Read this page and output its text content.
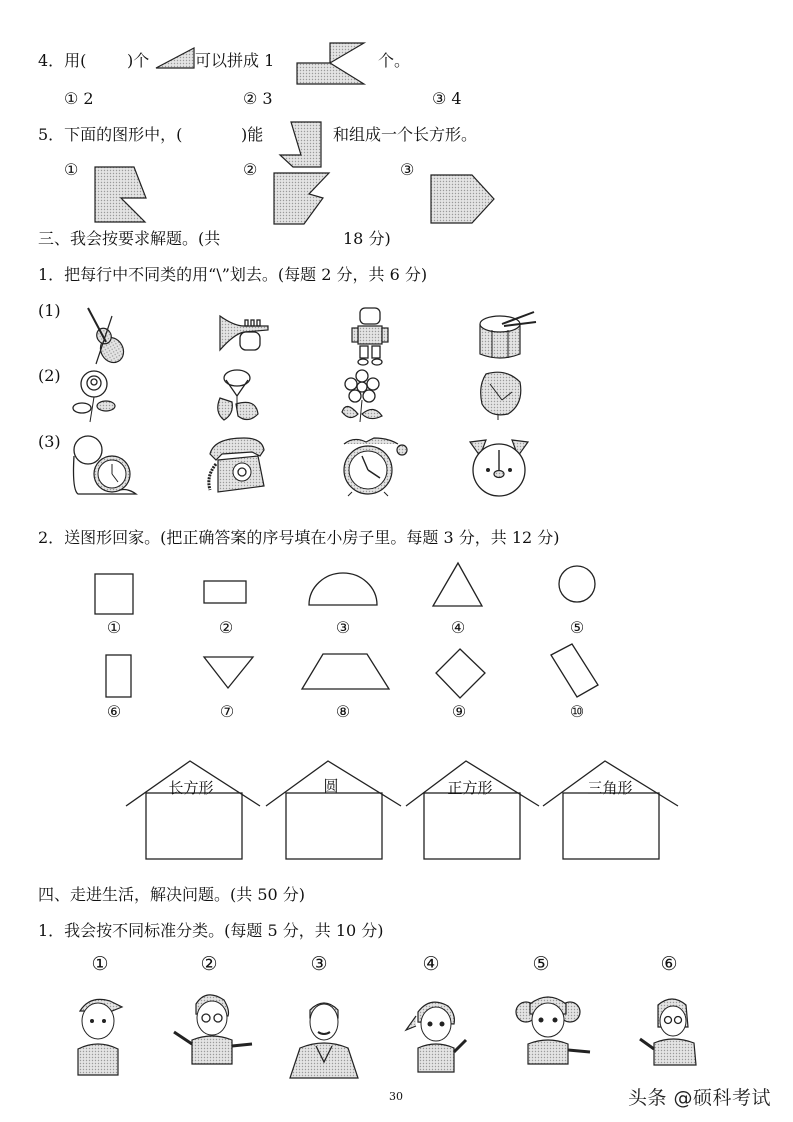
4．用(	)个	可以拼成 1	个。
① 2	② 3	③ 4
5．下面的图形中，(	)能	和组成一个长方形。
①	②	③
三、我会按要求解题。(共	18 分)
1．把每行中不同类的用“\”划去。(每题 2 分，共 6 分)
(1)
(2)
(3)
2．送图形回家。(把正确答案的序号填在小房子里。每题 3 分，共 12 分)
①	②	③	④	⑤
⑥	⑦	⑧	⑨	⑩
长方形	圆	正方形	三角形
四、走进生活，解决问题。(共 50 分)
1．我会按不同标准分类。(每题 5 分，共 10 分)
①	②	③	④	⑤	⑥
30	头条 @硕科考试
